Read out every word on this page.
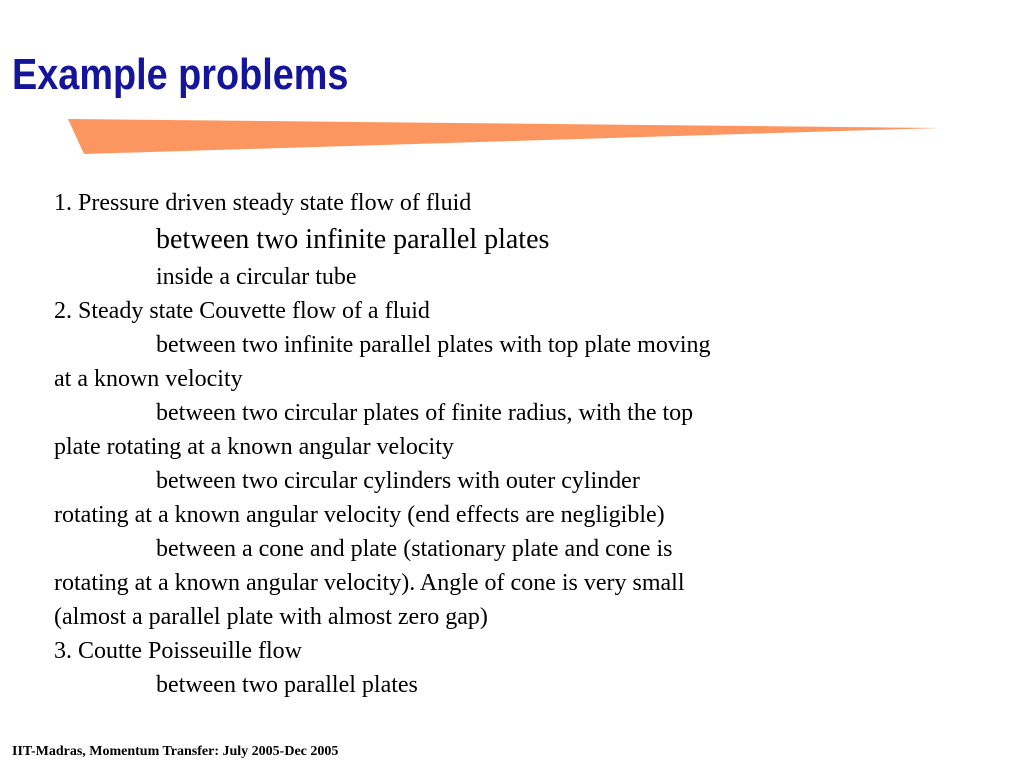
Example problems
1. Pressure driven steady state flow of fluid
between two infinite parallel plates
inside a circular tube
2. Steady state Couvette flow of a fluid
between two infinite parallel plates with top plate moving
at a known velocity
between two circular plates of finite radius, with the top
plate rotating at a known angular velocity
between two circular cylinders with outer cylinder
rotating at a known angular velocity (end effects are negligible)
between a cone and plate (stationary plate and cone is
rotating at a known angular velocity). Angle of cone is very small
(almost a parallel plate with almost zero gap)
3. Coutte Poisseuille flow
between two parallel plates
IIT-Madras, Momentum Transfer: July 2005-Dec 2005
